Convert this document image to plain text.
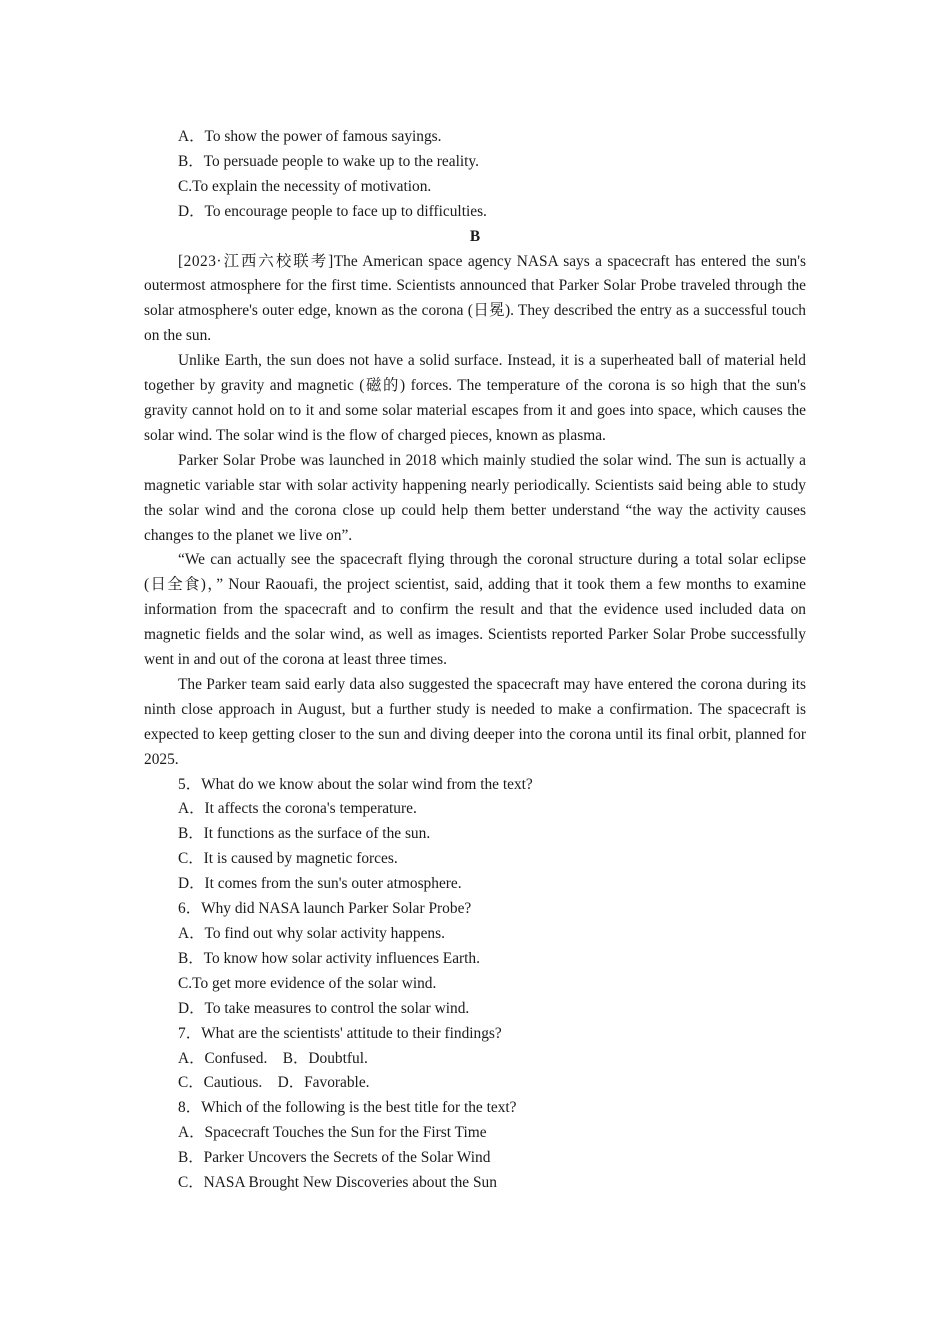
A．To show the power of famous sayings.

B．To persuade people to wake up to the reality.

C.To explain the necessity of motivation.

D．To encourage people to face up to difficulties.

B

[2023·江西六校联考]The American space agency NASA says a spacecraft has entered the sun's outermost atmosphere for the first time. Scientists announced that Parker Solar Probe traveled through the solar atmosphere's outer edge, known as the corona (日冕). They described the entry as a successful touch on the sun.

Unlike Earth, the sun does not have a solid surface. Instead, it is a superheated ball of material held together by gravity and magnetic (磁的) forces. The temperature of the corona is so high that the sun's gravity cannot hold on to it and some solar material escapes from it and goes into space, which causes the solar wind. The solar wind is the flow of charged pieces, known as plasma.

Parker Solar Probe was launched in 2018 which mainly studied the solar wind. The sun is actually a magnetic variable star with solar activity happening nearly periodically. Scientists said being able to study the solar wind and the corona close up could help them better understand “the way the activity causes changes to the planet we live on”.

“We can actually see the spacecraft flying through the coronal structure during a total solar eclipse (日全食)，” Nour Raouafi, the project scientist, said, adding that it took them a few months to examine information from the spacecraft and to confirm the result and that the evidence used included data on magnetic fields and the solar wind, as well as images. Scientists reported Parker Solar Probe successfully went in and out of the corona at least three times.

The Parker team said early data also suggested the spacecraft may have entered the corona during its ninth close approach in August, but a further study is needed to make a confirmation. The spacecraft is expected to keep getting closer to the sun and diving deeper into the corona until its final orbit, planned for 2025.

5．What do we know about the solar wind from the text?

A．It affects the corona's temperature.

B．It functions as the surface of the sun.

C．It is caused by magnetic forces.

D．It comes from the sun's outer atmosphere.

6．Why did NASA launch Parker Solar Probe?

A．To find out why solar activity happens.

B．To know how solar activity influences Earth.

C.To get more evidence of the solar wind.

D．To take measures to control the solar wind.

7．What are the scientists' attitude to their findings?

A．Confused.　B．Doubtful.

C．Cautious.　D．Favorable.

8．Which of the following is the best title for the text?

A．Spacecraft Touches the Sun for the First Time

B．Parker Uncovers the Secrets of the Solar Wind

C．NASA Brought New Discoveries about the Sun
